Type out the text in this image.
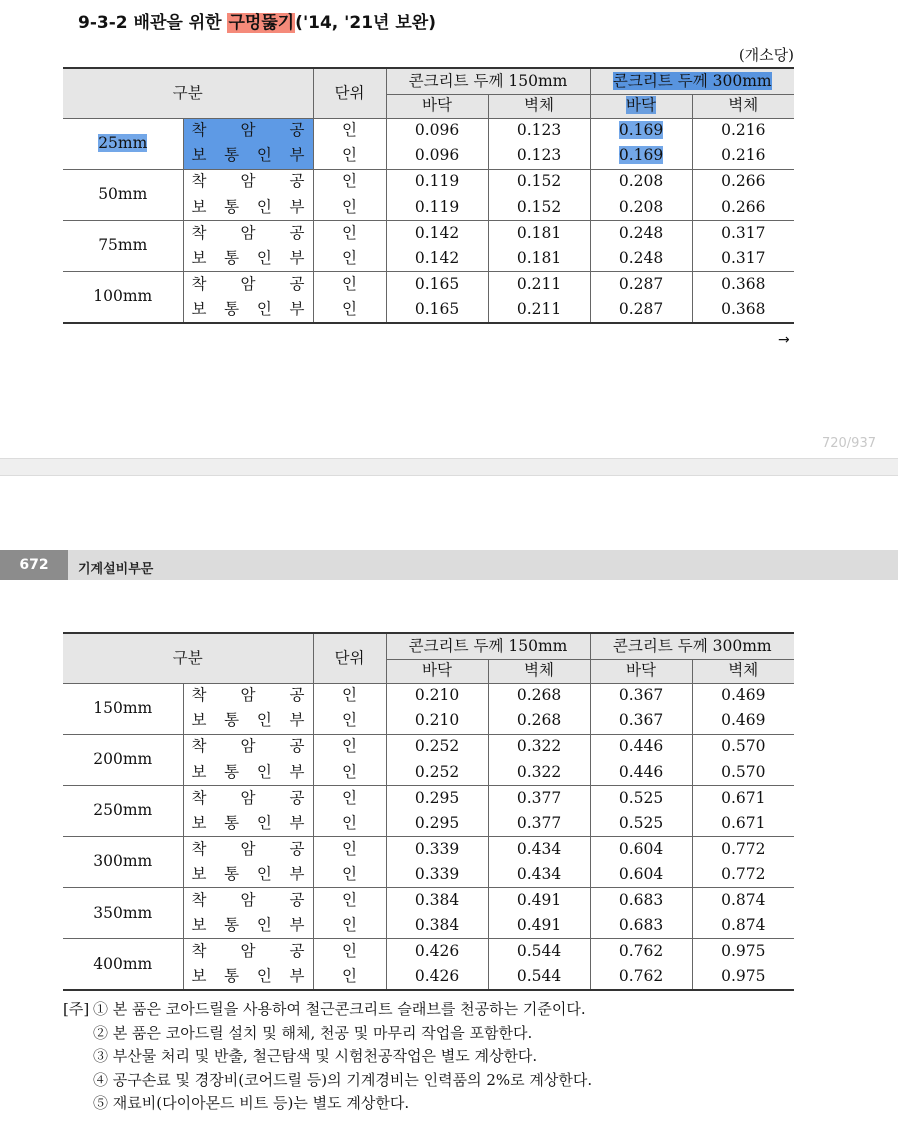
9-3-2 배관을 위한 구멍뚫기('14, '21년 보완)
(개소당)
구분		단위	콘크리트 두께 150mm		콘크리트 두께 300mm	
			바닥	벽체	바닥	벽체
25mm	착 암 공	인	0.096	0.123	0.169	0.216

	보 통 인 부	인	0.096	0.123	0.169	0.216
50mm	착 암 공	인	0.119	0.152	0.208	0.266

	보 통 인 부	인	0.119	0.152	0.208	0.266
75mm	착 암 공	인	0.142	0.181	0.248	0.317

	보 통 인 부	인	0.142	0.181	0.248	0.317
100mm	착 암 공	인	0.165	0.211	0.287	0.368

	보 통 인 부	인	0.165	0.211	0.287	0.368
→
720/937
672	기계설비부문
구분		단위	콘크리트 두께 150mm		콘크리트 두께 300mm	
			바닥	벽체	바닥	벽체
150mm	착 암 공	인	0.210	0.268	0.367	0.469

	보 통 인 부	인	0.210	0.268	0.367	0.469
200mm	착 암 공	인	0.252	0.322	0.446	0.570

	보 통 인 부	인	0.252	0.322	0.446	0.570
250mm	착 암 공	인	0.295	0.377	0.525	0.671

	보 통 인 부	인	0.295	0.377	0.525	0.671
300mm	착 암 공	인	0.339	0.434	0.604	0.772

	보 통 인 부	인	0.339	0.434	0.604	0.772
350mm	착 암 공	인	0.384	0.491	0.683	0.874

	보 통 인 부	인	0.384	0.491	0.683	0.874
400mm	착 암 공	인	0.426	0.544	0.762	0.975

	보 통 인 부	인	0.426	0.544	0.762	0.975
[주] ① 본 품은 코아드릴을 사용하여 철근콘크리트 슬래브를 천공하는 기준이다.
② 본 품은 코아드릴 설치 및 해체, 천공 및 마무리 작업을 포함한다.
③ 부산물 처리 및 반출, 철근탐색 및 시험천공작업은 별도 계상한다.
④ 공구손료 및 경장비(코어드릴 등)의 기계경비는 인력품의 2%로 계상한다.
⑤ 재료비(다이아몬드 비트 등)는 별도 계상한다.
